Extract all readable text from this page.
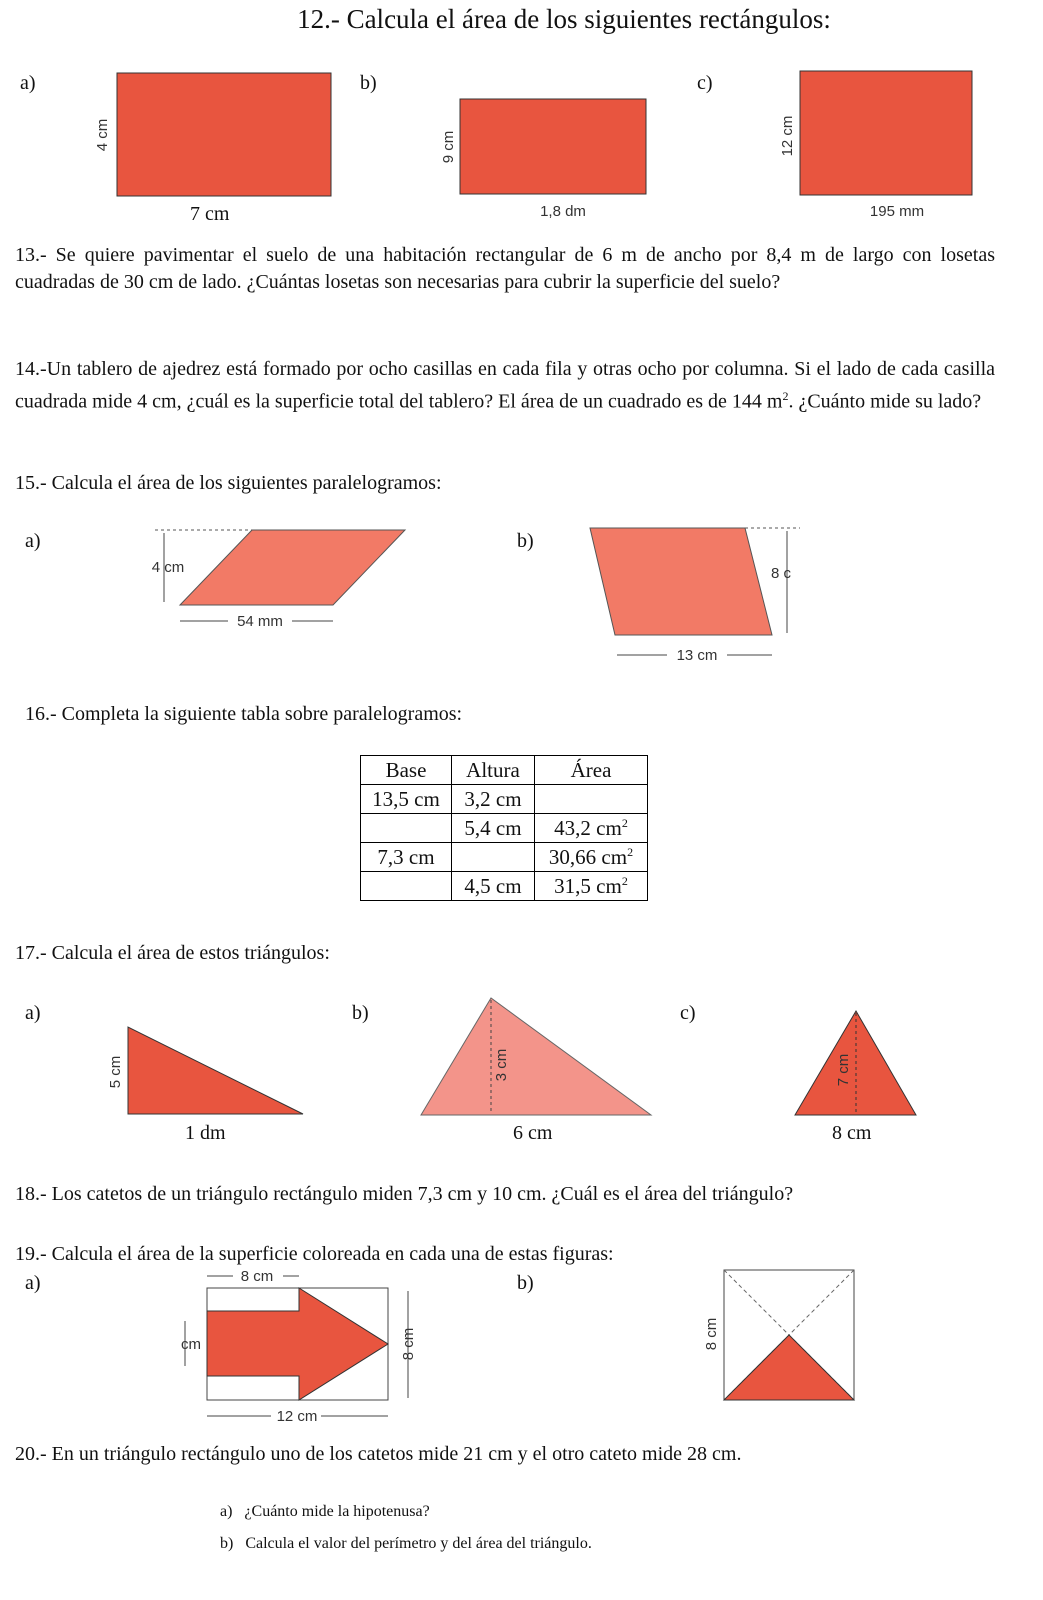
12.- Calcula el área de los siguientes rectángulos:
a)
4 cm
7 cm
b)
9 cm
1,8 dm
c)
12 cm
195 mm
13.- Se quiere pavimentar el suelo de una habitación rectangular de 6 m de ancho por 8,4 m de largo con losetas cuadradas de 30 cm de lado. ¿Cuántas losetas son necesarias para cubrir la superficie del suelo?
14.-Un tablero de ajedrez está formado por ocho casillas en cada fila y otras ocho por columna. Si el lado de cada casilla cuadrada mide 4 cm, ¿cuál es la superficie total del tablero? El área de un cuadrado es de 144 $m^2$. ¿Cuánto mide su lado?
15.- Calcula el área de los siguientes paralelogramos:
a)
4 cm
54 mm
b)
8 c
13 cm
16.- Completa la siguiente tabla sobre paralelogramos:
Base	Altura	Área
13,5 cm	3,2 cm	
	5,4 cm	43,2 $cm^2$
7,3 cm		30,66 $cm^2$
	4,5 cm	31,5 $cm^2$
17.- Calcula el área de estos triángulos:
a)
5 cm
1 dm
b)
3 cm
6 cm
c)
7 cm
8 cm
18.- Los catetos de un triángulo rectángulo miden 7,3 cm y 10 cm. ¿Cuál es el área del triángulo?
19.- Calcula el área de la superficie coloreada en cada una de estas figuras:
a)	8 cm
cm	8 cm
12 cm
b)
8 cm
20.- En un triángulo rectángulo uno de los catetos mide 21 cm y el otro cateto mide 28 cm.
a)   ¿Cuánto mide la hipotenusa?
b)   Calcula el valor del perímetro y del área del triángulo.
